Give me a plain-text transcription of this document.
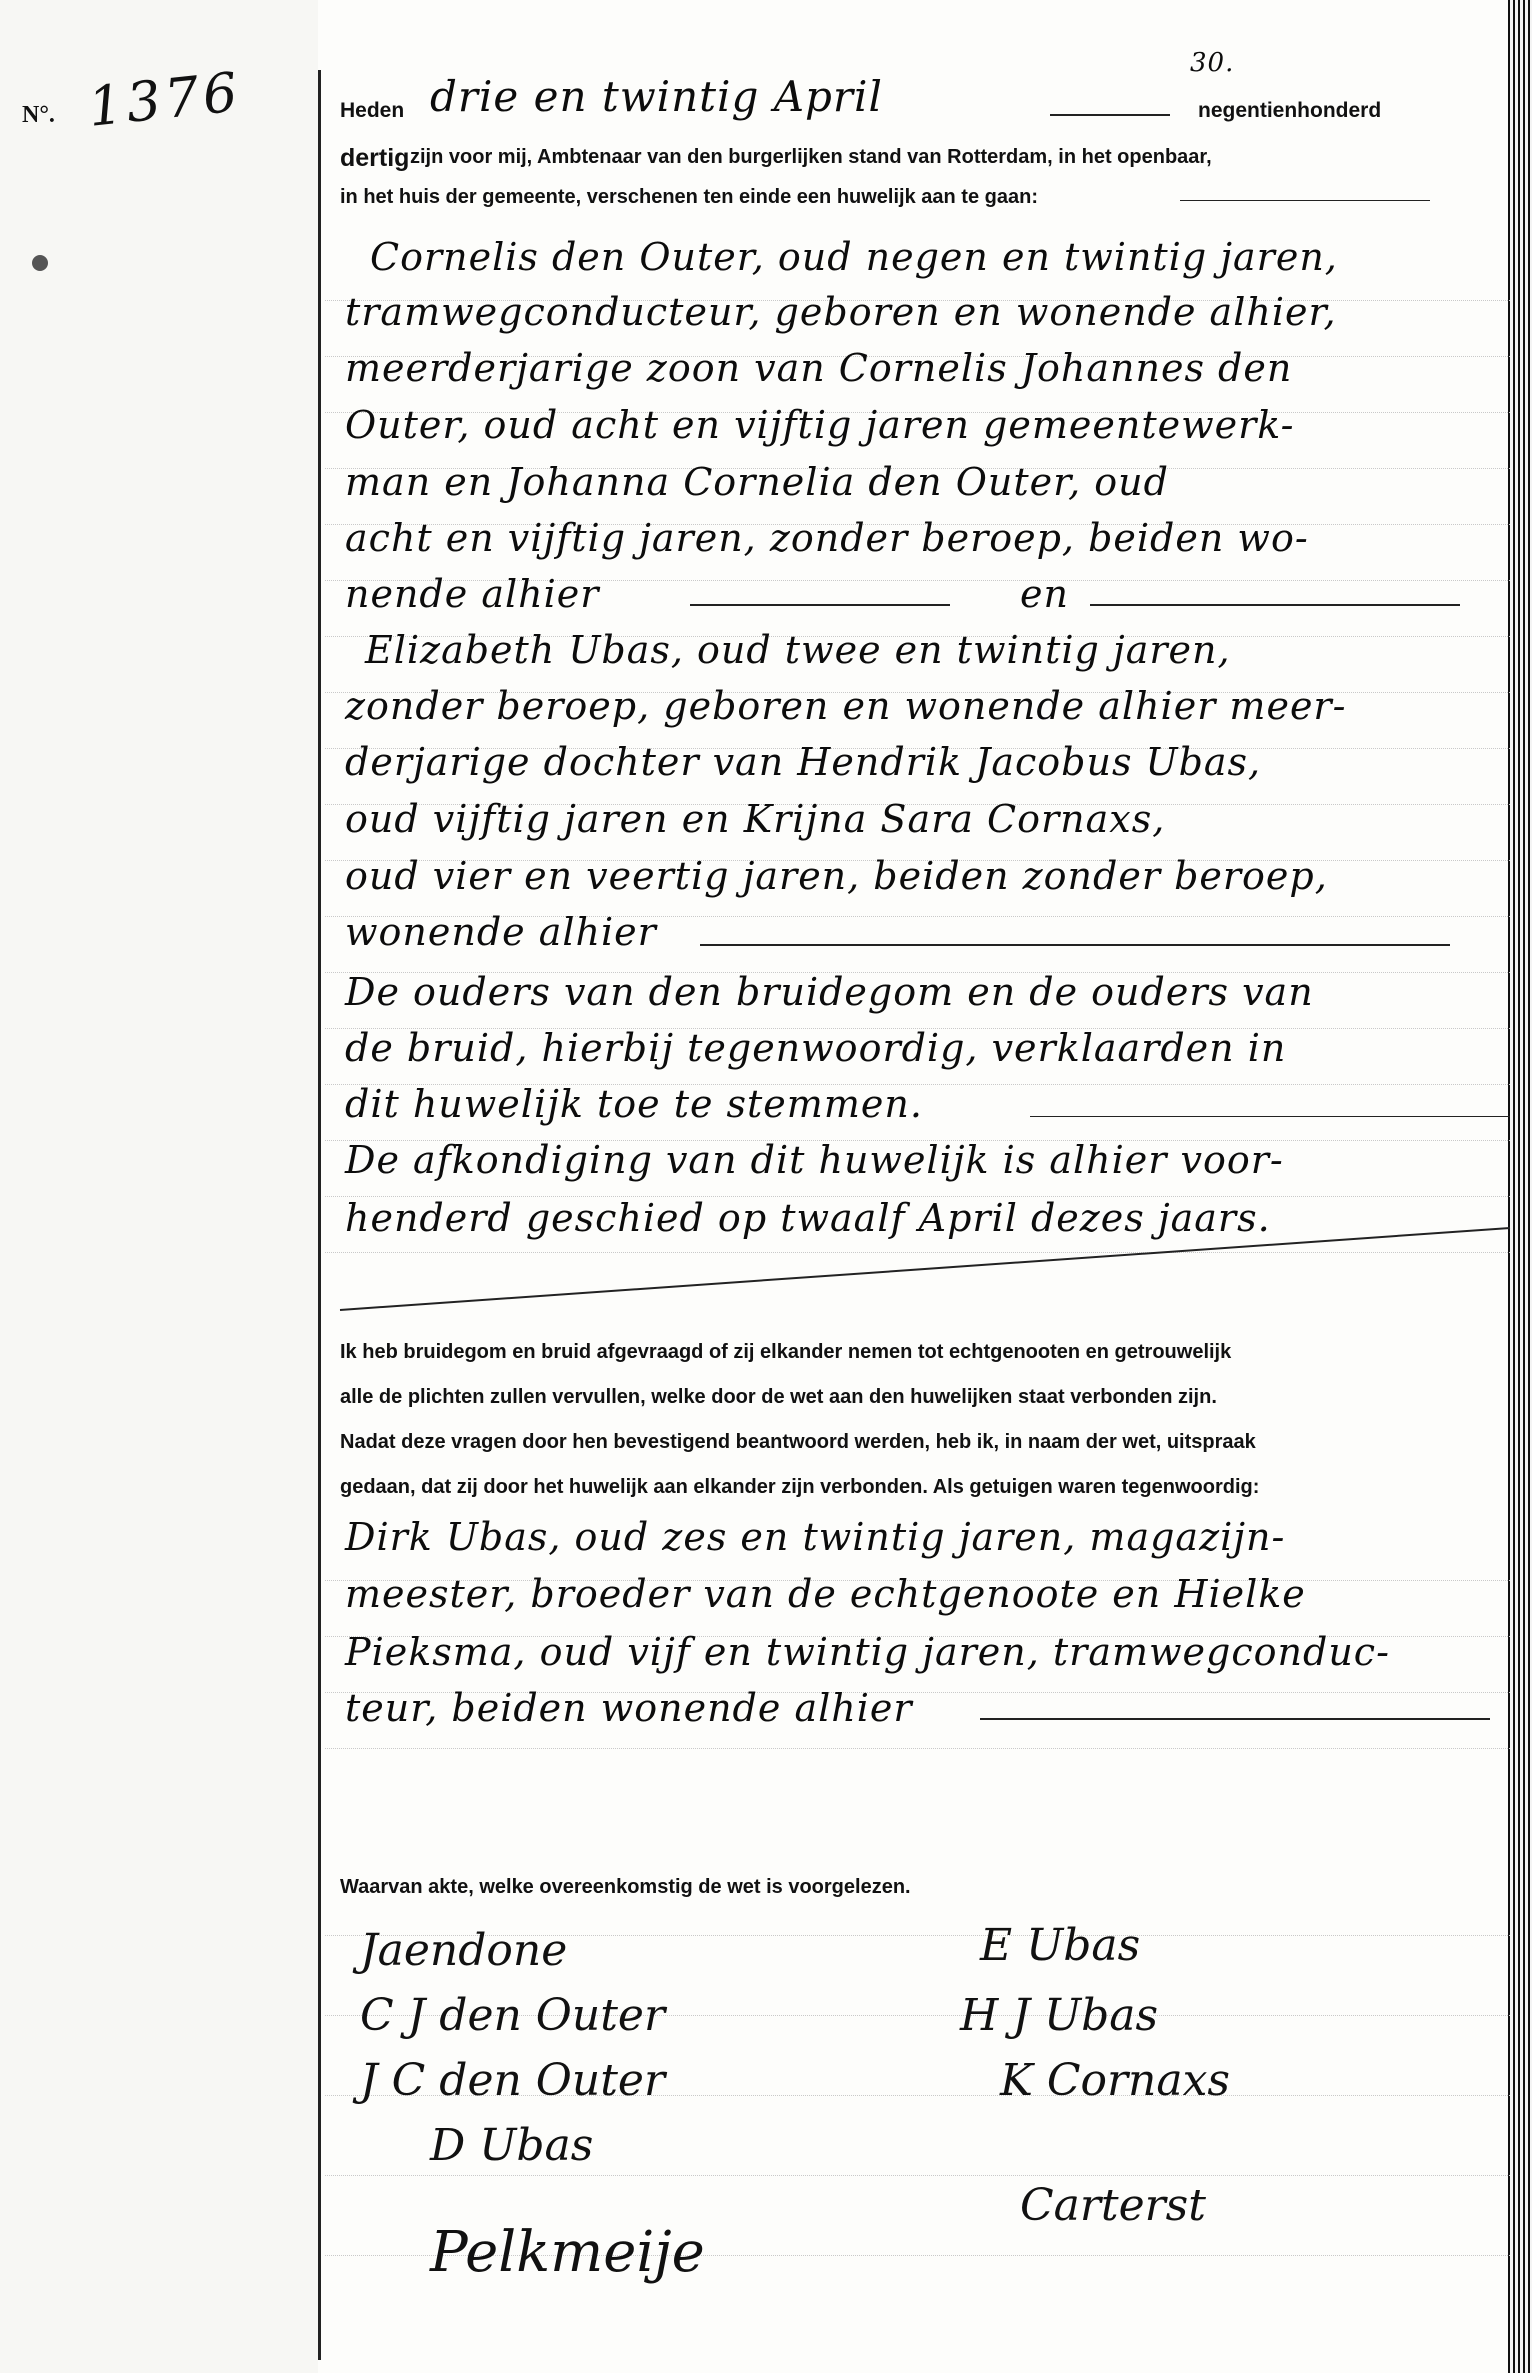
N°. 1376	Heden drie en twintig April
30.
negentienhonderd
dertig zijn voor mij, Ambtenaar van den burgerlijken stand van Rotterdam, in het openbaar,
in het huis der gemeente, verschenen ten einde een huwelijk aan te gaan:
Cornelis den Outer, oud negen en twintig jaren,
tramwegconducteur, geboren en wonende alhier,
meerderjarige zoon van Cornelis Johannes den
Outer, oud acht en vijftig jaren gemeentewerk-
man en Johanna Cornelia den Outer, oud
acht en vijftig jaren, zonder beroep, beiden wo-
nende alhier	en
Elizabeth Ubas, oud twee en twintig jaren,
zonder beroep, geboren en wonende alhier meer-
derjarige dochter van Hendrik Jacobus Ubas,
oud vijftig jaren en Krijna Sara Cornaxs,
oud vier en veertig jaren, beiden zonder beroep,
wonende alhier
De ouders van den bruidegom en de ouders van
de bruid, hierbij tegenwoordig, verklaarden in
dit huwelijk toe te stemmen.
De afkondiging van dit huwelijk is alhier voor-
henderd geschied op twaalf April dezes jaars.
Ik heb bruidegom en bruid afgevraagd of zij elkander nemen tot echtgenooten en getrouwelijk
alle de plichten zullen vervullen, welke door de wet aan den huwelijken staat verbonden zijn.
Nadat deze vragen door hen bevestigend beantwoord werden, heb ik, in naam der wet, uitspraak
gedaan, dat zij door het huwelijk aan elkander zijn verbonden. Als getuigen waren tegenwoordig:
Dirk Ubas, oud zes en twintig jaren, magazijn-
meester, broeder van de echtgenoote en Hielke
Pieksma, oud vijf en twintig jaren, tramwegconduc-
teur, beiden wonende alhier
Waarvan akte, welke overeenkomstig de wet is voorgelezen.
Jaendone
C J den Outer
J C den Outer
D Ubas
Pelkmeije
E Ubas
H J Ubas
K Cornaxs
Carterst
